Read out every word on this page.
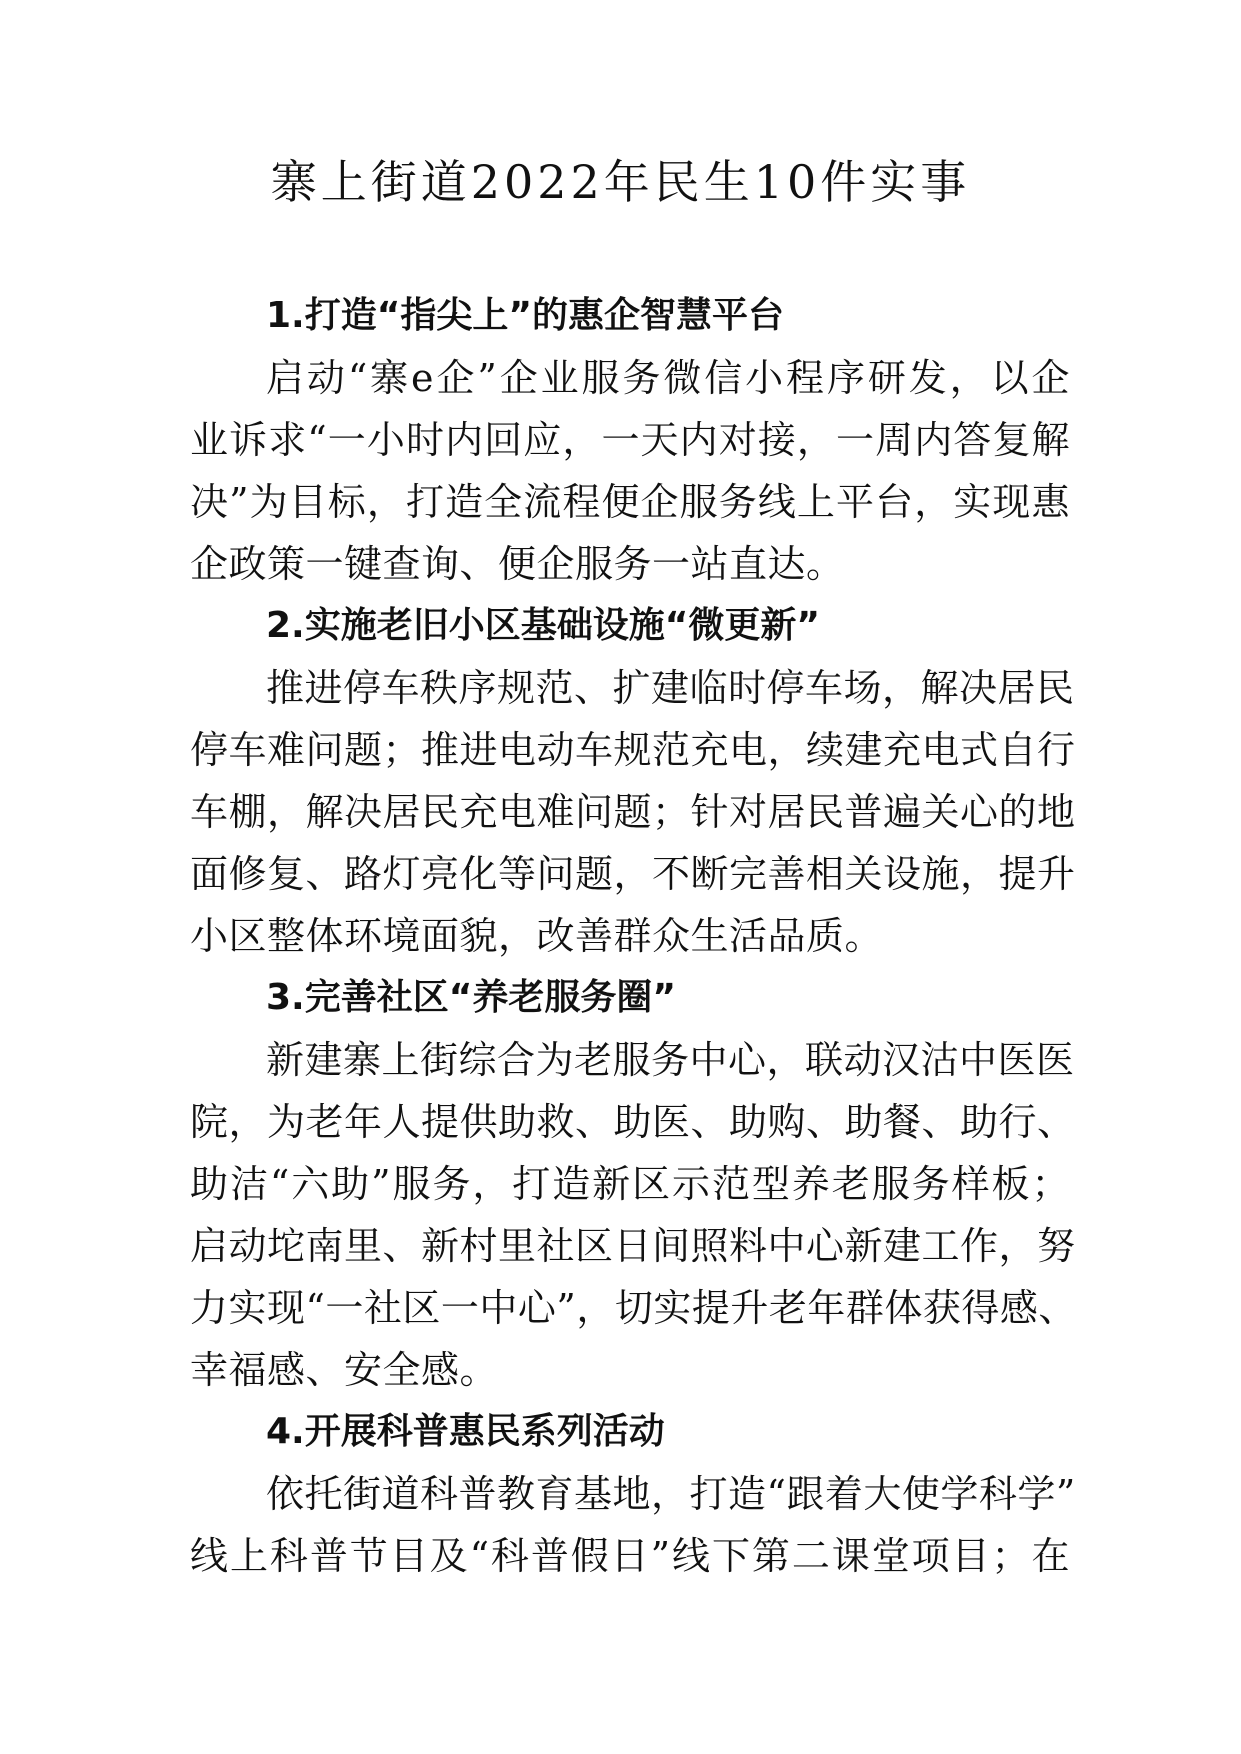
寨上街道2022年民生10件实事
1.打造“指尖上”的惠企智慧平台
启动“寨e企”企业服务微信小程序研发，以企
业诉求“一小时内回应，一天内对接，一周内答复解
决”为目标，打造全流程便企服务线上平台，实现惠
企政策一键查询、便企服务一站直达。
2.实施老旧小区基础设施“微更新”
推进停车秩序规范、扩建临时停车场，解决居民
停车难问题；推进电动车规范充电，续建充电式自行
车棚，解决居民充电难问题；针对居民普遍关心的地
面修复、路灯亮化等问题，不断完善相关设施，提升
小区整体环境面貌，改善群众生活品质。
3.完善社区“养老服务圈”
新建寨上街综合为老服务中心，联动汉沽中医医
院，为老年人提供助救、助医、助购、助餐、助行、
助洁“六助”服务，打造新区示范型养老服务样板；
启动坨南里、新村里社区日间照料中心新建工作，努
力实现“一社区一中心”，切实提升老年群体获得感、
幸福感、安全感。
4.开展科普惠民系列活动
依托街道科普教育基地，打造“跟着大使学科学”
线上科普节目及“科普假日”线下第二课堂项目；在
